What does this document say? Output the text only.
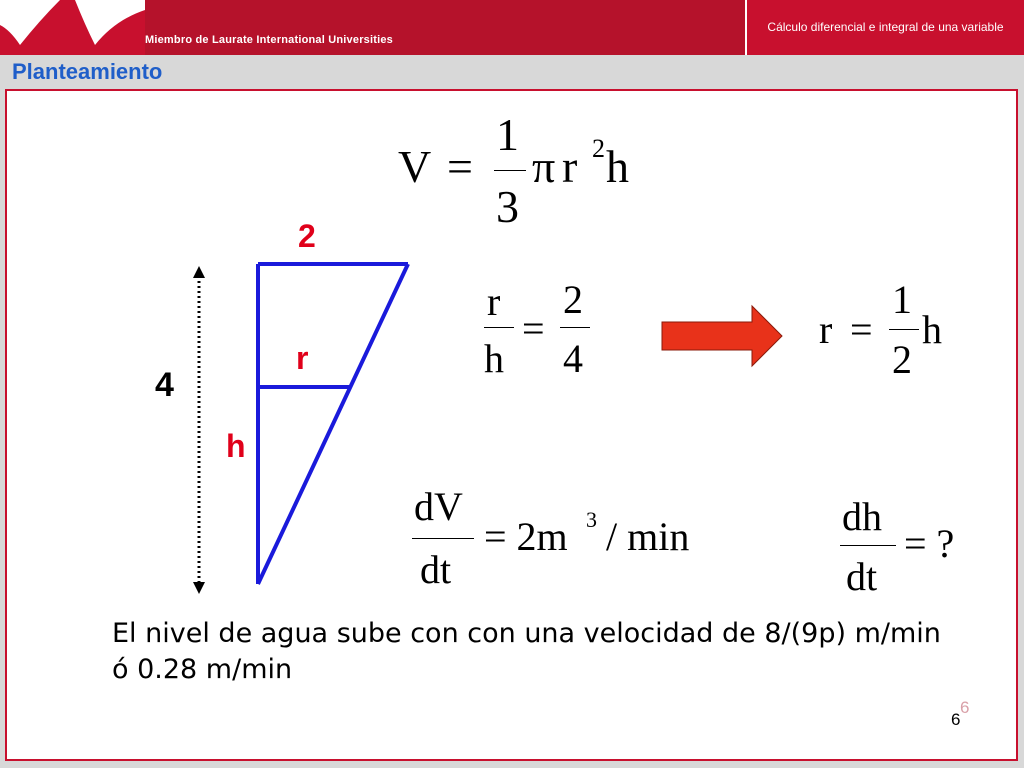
Miembro de Laurate International Universities
Cálculo diferencial e integral de una variable
Planteamiento
V =
1
3
π r 2 h
2
4
r
h
r
h
=
2
4
r =
1
2
h
dV
dt
= 2m 3 / min	dh
dt
= ?
El nivel de agua sube con con una velocidad de 8/(9p) m/min ó 0.28 m/min
6
6
